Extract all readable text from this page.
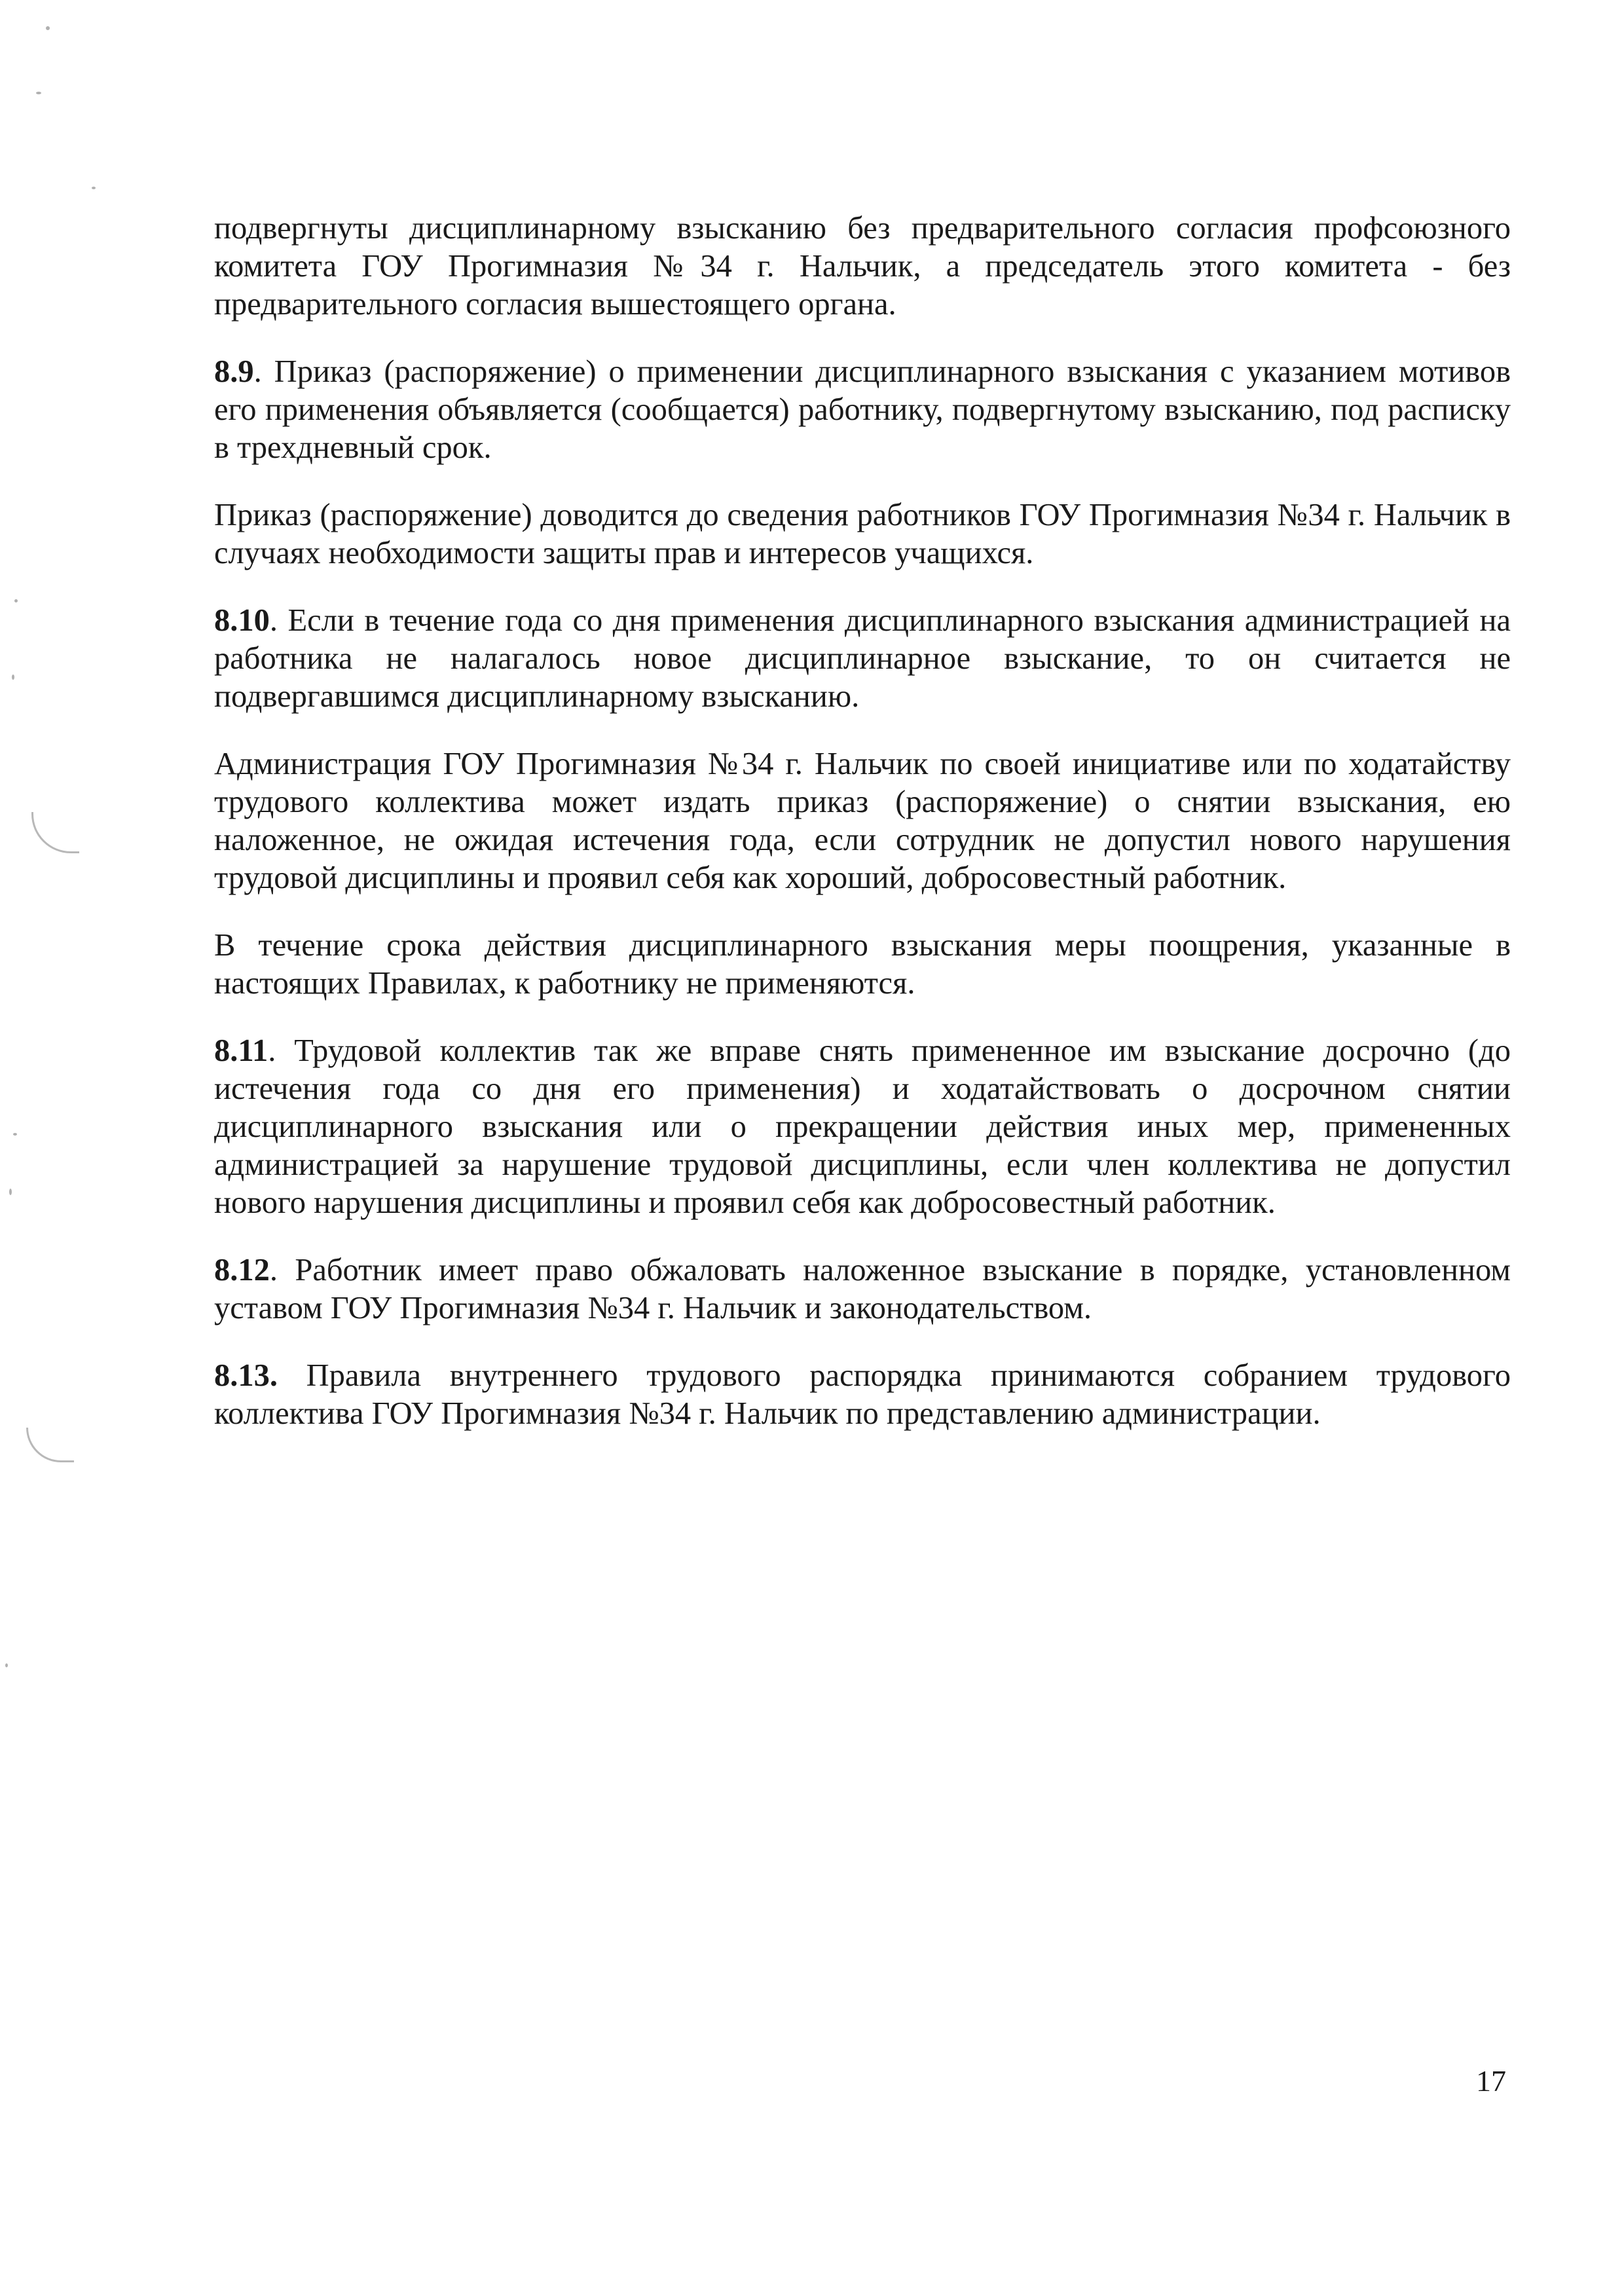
подвергнуты дисциплинарному взысканию без предварительного согласия профсоюзного комитета ГОУ Прогимназия №34 г. Нальчик, а председатель этого комитета - без предварительного согласия вышестоящего органа.

8.9. Приказ (распоряжение) о применении дисциплинарного взыскания с указанием мотивов его применения объявляется (сообщается) работнику, подвергнутому взысканию, под расписку в трехдневный срок.

Приказ (распоряжение) доводится до сведения работников ГОУ Прогимназия №34 г. Нальчик в случаях необходимости защиты прав и интересов учащихся.

8.10. Если в течение года со дня применения дисциплинарного взыскания администрацией на работника не налагалось новое дисциплинарное взыскание, то он считается не подвергавшимся дисциплинарному взысканию.

Администрация ГОУ Прогимназия №34 г. Нальчик по своей инициативе или по ходатайству трудового коллектива может издать приказ (распоряжение) о снятии взыскания, ею наложенное, не ожидая истечения года, если сотрудник не допустил нового нарушения трудовой дисциплины и проявил себя как хороший, добросовестный работник.

В течение срока действия дисциплинарного взыскания меры поощрения, указанные в настоящих Правилах, к работнику не применяются.

8.11. Трудовой коллектив так же вправе снять примененное им взыскание досрочно (до истечения года со дня его применения) и ходатайствовать о досрочном снятии дисциплинарного взыскания или о прекращении действия иных мер, примененных администрацией за нарушение трудовой дисциплины, если член коллектива не допустил нового нарушения дисциплины и проявил себя как добросовестный работник.

8.12. Работник имеет право обжаловать наложенное взыскание в порядке, установленном уставом ГОУ Прогимназия №34 г. Нальчик и законодательством.

8.13. Правила внутреннего трудового распорядка принимаются собранием трудового коллектива ГОУ Прогимназия №34 г. Нальчик по представлению администрации.

17
